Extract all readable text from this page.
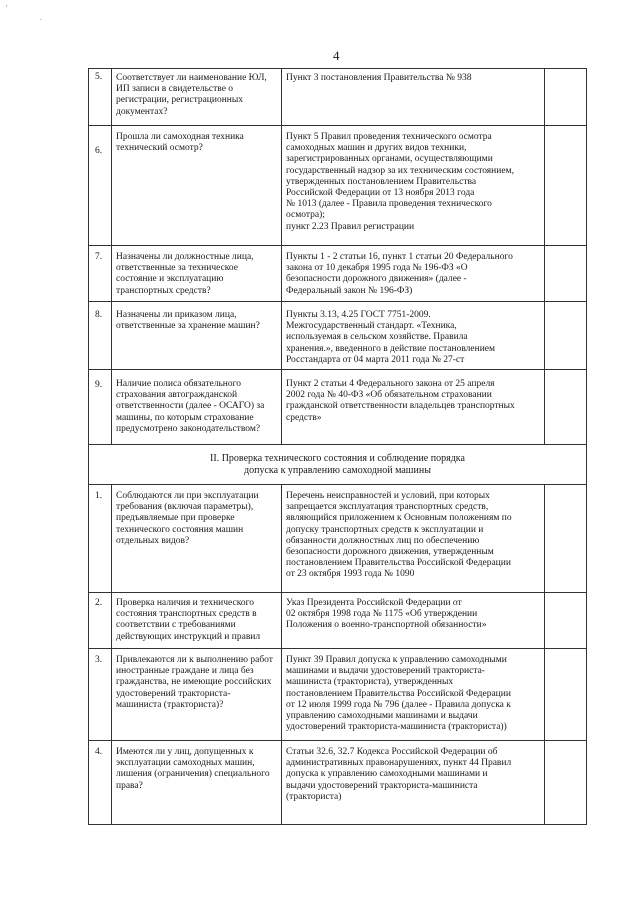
'
.
4
5. Соответствует ли наименование ЮЛ,
ИП записи в свидетельстве о
регистрации, регистрационных
документах?
Пункт 3 постановления Правительства № 938
6.
Прошла ли самоходная техника
технический осмотр?
Пункт 5 Правил проведения технического осмотра
самоходных машин и других видов техники,
зарегистрированных органами, осуществляющими
государственный надзор за их техническим состоянием,
утвержденных постановлением Правительства
Российской Федерации от 13 ноября 2013 года
№ 1013 (далее - Правила проведения технического
осмотра);
пункт 2.23 Правил регистрации
7. Назначены ли должностные лица,
ответственные за техническое
состояние и эксплуатацию
транспортных средств?
Пункты 1 - 2 статьи 16, пункт 1 статьи 20 Федерального
закона от 10 декабря 1995 года № 196-ФЗ «О
безопасности дорожного движения» (далее -
Федеральный закон № 196-ФЗ)
8. Назначены ли приказом лица,
ответственные за хранение машин?
Пункты 3.13, 4.25 ГОСТ 7751-2009.
Межгосударственный стандарт. «Техника,
используемая в сельском хозяйстве. Правила
хранения.», введенного в действие постановлением
Росстандарта от 04 марта 2011 года № 27-ст
9. Наличие полиса обязательного
страхования автогражданской
ответственности (далее - ОСАГО) за
машины, по которым страхование
предусмотрено законодательством?
Пункт 2 статьи 4 Федерального закона от 25 апреля
2002 года № 40-ФЗ «Об обязательном страховании
гражданской ответственности владельцев транспортных
средств»
II. Проверка технического состояния и соблюдение порядка
допуска к управлению самоходной машины
1. Соблюдаются ли при эксплуатации
требования (включая параметры),
предъявляемые при проверке
технического состояния машин
отдельных видов?
Перечень неисправностей и условий, при которых
запрещается эксплуатация транспортных средств,
являющийся приложением к Основным положениям по
допуску транспортных средств к эксплуатации и
обязанности должностных лиц по обеспечению
безопасности дорожного движения, утвержденным
постановлением Правительства Российской Федерации
от 23 октября 1993 года № 1090
2. Проверка наличия и технического
состояния транспортных средств в
соответствии с требованиями
действующих инструкций и правил
Указ Президента Российской Федерации от
02 октября 1998 года № 1175 «Об утверждении
Положения о военно-транспортной обязанности»
3. Привлекаются ли к выполнению работ
иностранные граждане и лица без
гражданства, не имеющие российских
удостоверений тракториста-
машиниста (тракториста)?
Пункт 39 Правил допуска к управлению самоходными
машинами и выдачи удостоверений тракториста-
машиниста (тракториста), утвержденных
постановлением Правительства Российской Федерации
от 12 июля 1999 года № 796 (далее - Правила допуска к
управлению самоходными машинами и выдачи
удостоверений тракториста-машиниста (тракториста))
4. Имеются ли у лиц, допущенных к
эксплуатации самоходных машин,
лишения (ограничения) специального
права?
Статьи 32.6, 32.7 Кодекса Российской Федерации об
административных правонарушениях, пункт 44 Правил
допуска к управлению самоходными машинами и
выдачи удостоверений тракториста-машиниста
(тракториста)
